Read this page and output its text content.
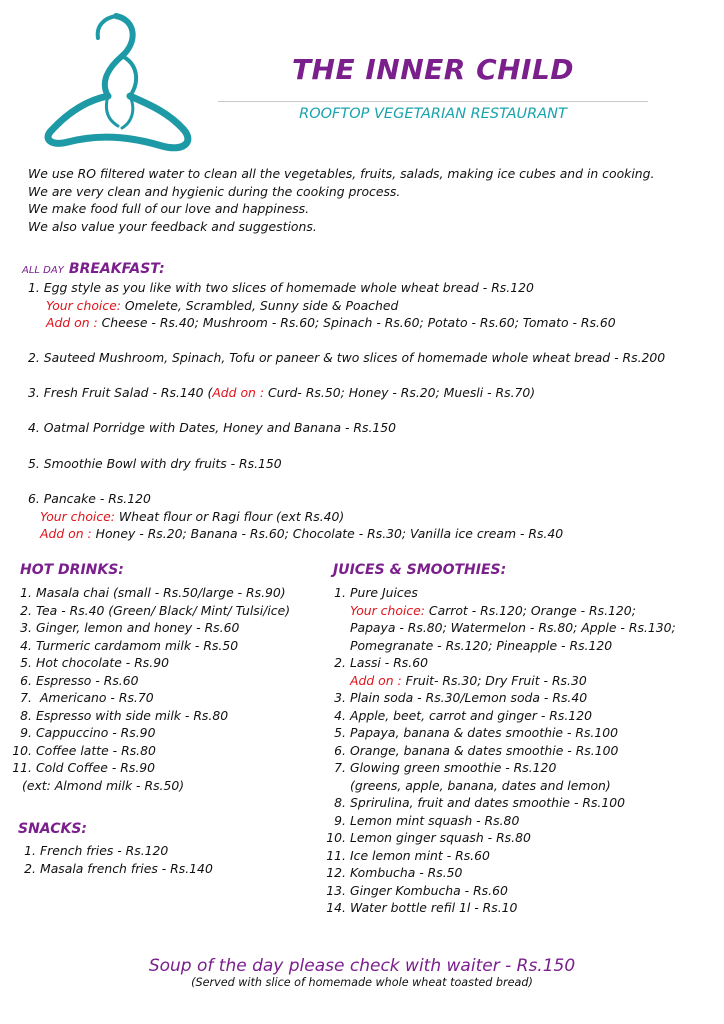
THE INNER CHILD
ROOFTOP VEGETARIAN RESTAURANT
We use RO filtered water to clean all the vegetables, fruits, salads, making ice cubes and in cooking.
We are very clean and hygienic during the cooking process.
We make food full of our love and happiness.
We also value your feedback and suggestions.
ALL DAY BREAKFAST:
1. Egg style as you like with two slices of homemade whole wheat bread - Rs.120
Your choice: Omelete, Scrambled, Sunny side & Poached
Add on : Cheese - Rs.40; Mushroom - Rs.60; Spinach - Rs.60; Potato - Rs.60; Tomato - Rs.60
2. Sauteed Mushroom, Spinach, Tofu or paneer & two slices of homemade whole wheat bread - Rs.200
3. Fresh Fruit Salad - Rs.140 (Add on : Curd- Rs.50; Honey - Rs.20; Muesli - Rs.70)
4. Oatmal Porridge with Dates, Honey and Banana - Rs.150
5. Smoothie Bowl with dry fruits - Rs.150
6. Pancake - Rs.120
Your choice: Wheat flour or Ragi flour (ext Rs.40)
Add on : Honey - Rs.20; Banana - Rs.60; Chocolate - Rs.30; Vanilla ice cream - Rs.40
HOT DRINKS:
1. Masala chai (small - Rs.50/large - Rs.90)
2. Tea - Rs.40 (Green/ Black/ Mint/ Tulsi/ice)
3. Ginger, lemon and honey - Rs.60
4. Turmeric cardamom milk - Rs.50
5. Hot chocolate - Rs.90
6. Espresso - Rs.60
7. Americano - Rs.70
8. Espresso with side milk - Rs.80
9. Cappuccino - Rs.90
10. Coffee latte - Rs.80
11. Cold Coffee - Rs.90
(ext: Almond milk - Rs.50)
SNACKS:
1. French fries - Rs.120
2. Masala french fries - Rs.140
JUICES & SMOOTHIES:
1. Pure Juices
Your choice: Carrot - Rs.120; Orange - Rs.120;
Papaya - Rs.80; Watermelon - Rs.80; Apple - Rs.130;
Pomegranate - Rs.120; Pineapple - Rs.120
2. Lassi - Rs.60
Add on : Fruit- Rs.30; Dry Fruit - Rs.30
3. Plain soda - Rs.30/Lemon soda - Rs.40
4. Apple, beet, carrot and ginger - Rs.120
5. Papaya, banana & dates smoothie - Rs.100
6. Orange, banana & dates smoothie - Rs.100
7. Glowing green smoothie - Rs.120
(greens, apple, banana, dates and lemon)
8. Sprirulina, fruit and dates smoothie - Rs.100
9. Lemon mint squash - Rs.80
10. Lemon ginger squash - Rs.80
11. Ice lemon mint - Rs.60
12. Kombucha - Rs.50
13. Ginger Kombucha - Rs.60
14. Water bottle refil 1l - Rs.10
Soup of the day please check with waiter - Rs.150
(Served with slice of homemade whole wheat toasted bread)
